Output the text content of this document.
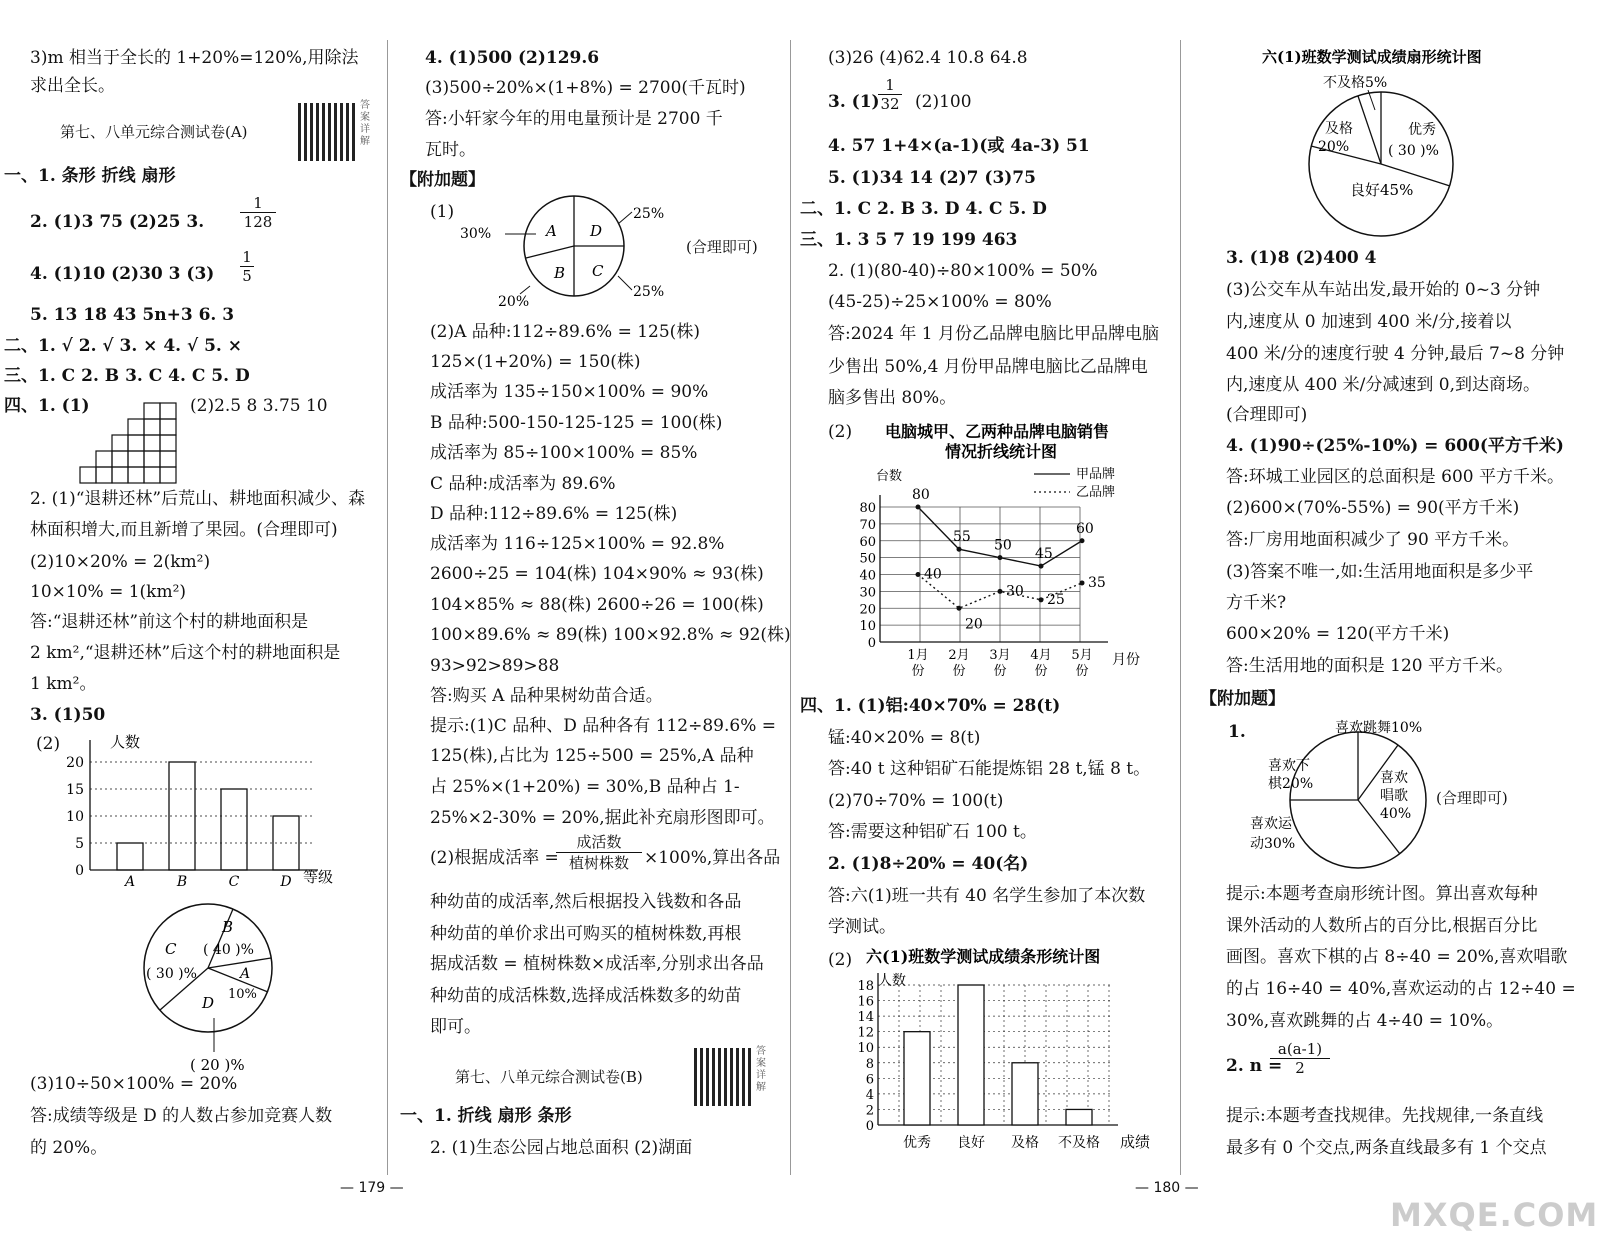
3)m 相当于全长的 1+20%=120%,用除法
求出全长。
第七、八单元综合测试卷(A)
答案详解
一、1. 条形 折线 扇形
2. (1)3 75 (2)25 3. $\frac{1}{128}$
4. (1)10 (2)30 3 $(3) \frac{1}{5}$
5. 13 18 43 5n+3 6. 3
二、1. √ 2. √ 3. × 4. √ 5. ×
三、1. C 2. B 3. C 4. C 5. D
四、1. (1)	(2)2.5 8 3.75 10
2. (1)“退耕还林”后荒山、耕地面积减少、森
林面积增大,而且新增了果园。(合理即可)
(2)10×20% = 2(km²)
10×10% = 1(km²)
答:“退耕还林”前这个村的耕地面积是
2 km²,“退耕还林”后这个村的耕地面积是
1 km²。
3. (1)50
(2)
0
5
10
15
20
A	B	C	D
人数
等级
B
( 40 )%
C
( 30 )%	A
10%
D
( 20 )%
(3)10÷50×100% = 20%
答:成绩等级是 D 的人数占参加竞赛人数
的 20%。
4. (1)500 (2)129.6
(3)500÷20%×(1+8%) = 2700(千瓦时)
答:小轩家今年的用电量预计是 2700 千
瓦时。
【附加题】
(1)
30%	A D
25%
B C
20%
25%
(合理即可)
(2)A 品种:112÷89.6% = 125(株)
125×(1+20%) = 150(株)
成活率为 135÷150×100% = 90%
B 品种:500-150-125-125 = 100(株)
成活率为 85÷100×100% = 85%
C 品种:成活率为 89.6%
D 品种:112÷89.6% = 125(株)
成活率为 116÷125×100% = 92.8%
2600÷25 = 104(株) 104×90% ≈ 93(株)
104×85% ≈ 88(株) 2600÷26 = 100(株)
100×89.6% ≈ 89(株) 100×92.8% ≈ 92(株)
93>92>89>88
答:购买 A 品种果树幼苗合适。
提示:(1)C 品种、D 品种各有 112÷89.6% =
125(株),占比为 125÷500 = 25%,A 品种
占 25%×(1+20%) = 30%,B 品种占 1-
25%×2-30% = 20%,据此补充扇形图即可。
(2)根据成活率 =
成活数
植树株数 ×100%,算出各品
种幼苗的成活率,然后根据投入钱数和各品
种幼苗的单价求出可购买的植树株数,再根
据成活数 = 植树株数×成活率,分别求出各品
种幼苗的成活株数,选择成活株数多的幼苗
即可。
第七、八单元综合测试卷(B)
答案详解
一、1. 折线 扇形 条形
2. (1)生态公园占地总面积 (2)湖面
(3)26 (4)62.4 10.8 64.8
3. (1)
$\frac{1}{32} (2)100$
4. 57 1+4×(a-1)(或 4a-3) 51
5. (1)34 14 (2)7 (3)75
二、1. C 2. B 3. D 4. C 5. D
三、1. 3 5 7 19 199 463
2. (1)(80-40)÷80×100% = 50%
(45-25)÷25×100% = 80%
答:2024 年 1 月份乙品牌电脑比甲品牌电脑
少售出 50%,4 月份甲品牌电脑比乙品牌电
脑多售出 80%。
(2) 电脑城甲、乙两种品牌电脑销售
情况折线统计图
台数	甲品牌
乙品牌
0
10
20
30
40
50
60
70
80
80
55
50
45
60
40
20
30
25
35
1月
份
2月
份
3月
份
4月
份
5月
份
月份
四、1. (1)铝:40×70% = 28(t)
锰:40×20% = 8(t)
答:40 t 这种铝矿石能提炼铝 28 t,锰 8 t。
(2)70÷70% = 100(t)
答:需要这种铝矿石 100 t。
2. (1)8÷20% = 40(名)
答:六(1)班一共有 40 名学生参加了本次数
学测试。
(2) 六(1)班数学测试成绩条形统计图
人数
0
2
4
6
8
10
12
14
16
18
优秀 良好 及格 不及格 成绩
六(1)班数学测试成绩扇形统计图
不及格5%
及格
20%
优秀
( 30 )%
良好45%
3. (1)8 (2)400 4
(3)公交车从车站出发,最开始的 0~3 分钟
内,速度从 0 加速到 400 米/分,接着以
400 米/分的速度行驶 4 分钟,最后 7~8 分钟
内,速度从 400 米/分减速到 0,到达商场。
(合理即可)
4. (1)90÷(25%-10%) = 600(平方千米)
答:环城工业园区的总面积是 600 平方千米。
(2)600×(70%-55%) = 90(平方千米)
答:厂房用地面积减少了 90 平方千米。
(3)答案不唯一,如:生活用地面积是多少平
方千米?
600×20% = 120(平方千米)
答:生活用地的面积是 120 平方千米。
【附加题】
1.	喜欢跳舞10%
喜欢下
棋20%	喜欢
唱歌
40%
喜欢运
动30%
(合理即可)
提示:本题考查扇形统计图。算出喜欢每种
课外活动的人数所占的百分比,根据百分比
画图。喜欢下棋的占 8÷40 = 20%,喜欢唱歌
的占 16÷40 = 40%,喜欢运动的占 12÷40 =
30%,喜欢跳舞的占 4÷40 = 10%。
2. n =
$\frac{a(a-1)}{2}$
提示:本题考查找规律。先找规律,一条直线
最多有 0 个交点,两条直线最多有 1 个交点
— 179 —	— 180 —
MXQE.COM
